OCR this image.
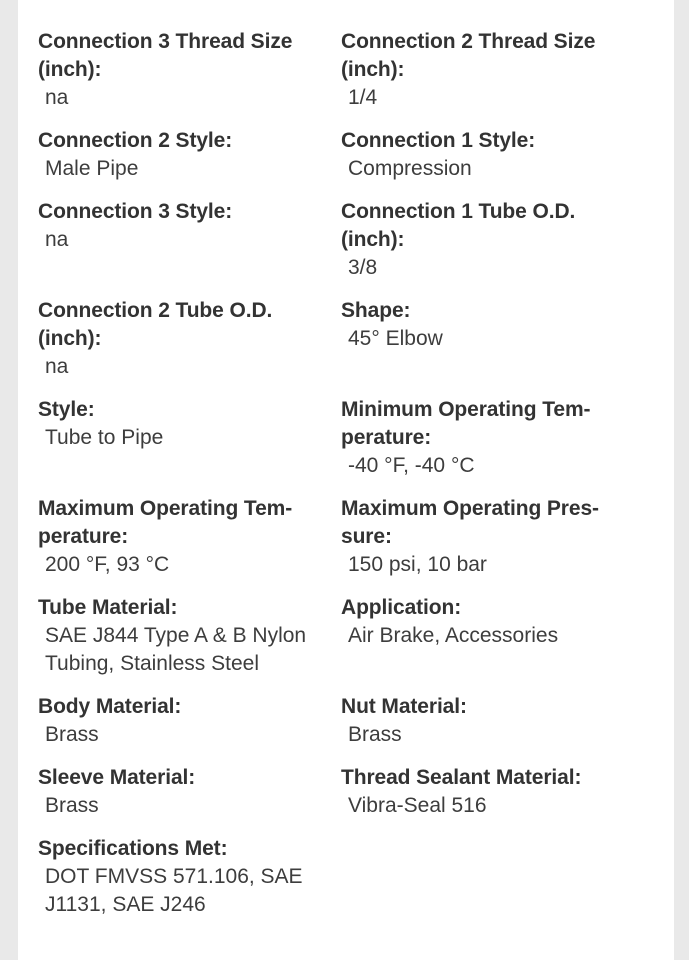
Connection 3 Thread Size (inch):
na
Connection 2 Thread Size (inch):
1/4
Connection 2 Style:
Male Pipe
Connection 1 Style:
Compression
Connection 3 Style:
na
Connection 1 Tube O.D. (inch):
3/8
Connection 2 Tube O.D. (inch):
na
Shape:
45° Elbow
Style:
Tube to Pipe
Minimum Operating Tem-perature:
-40 °F, -40 °C
Maximum Operating Tem-perature:
200 °F, 93 °C
Maximum Operating Pres-sure:
150 psi, 10 bar
Tube Material:
SAE J844 Type A & B Nylon Tubing, Stainless Steel
Application:
Air Brake, Accessories
Body Material:
Brass
Nut Material:
Brass
Sleeve Material:
Brass
Thread Sealant Material:
Vibra-Seal 516
Specifications Met:
DOT FMVSS 571.106, SAE J1131, SAE J246
